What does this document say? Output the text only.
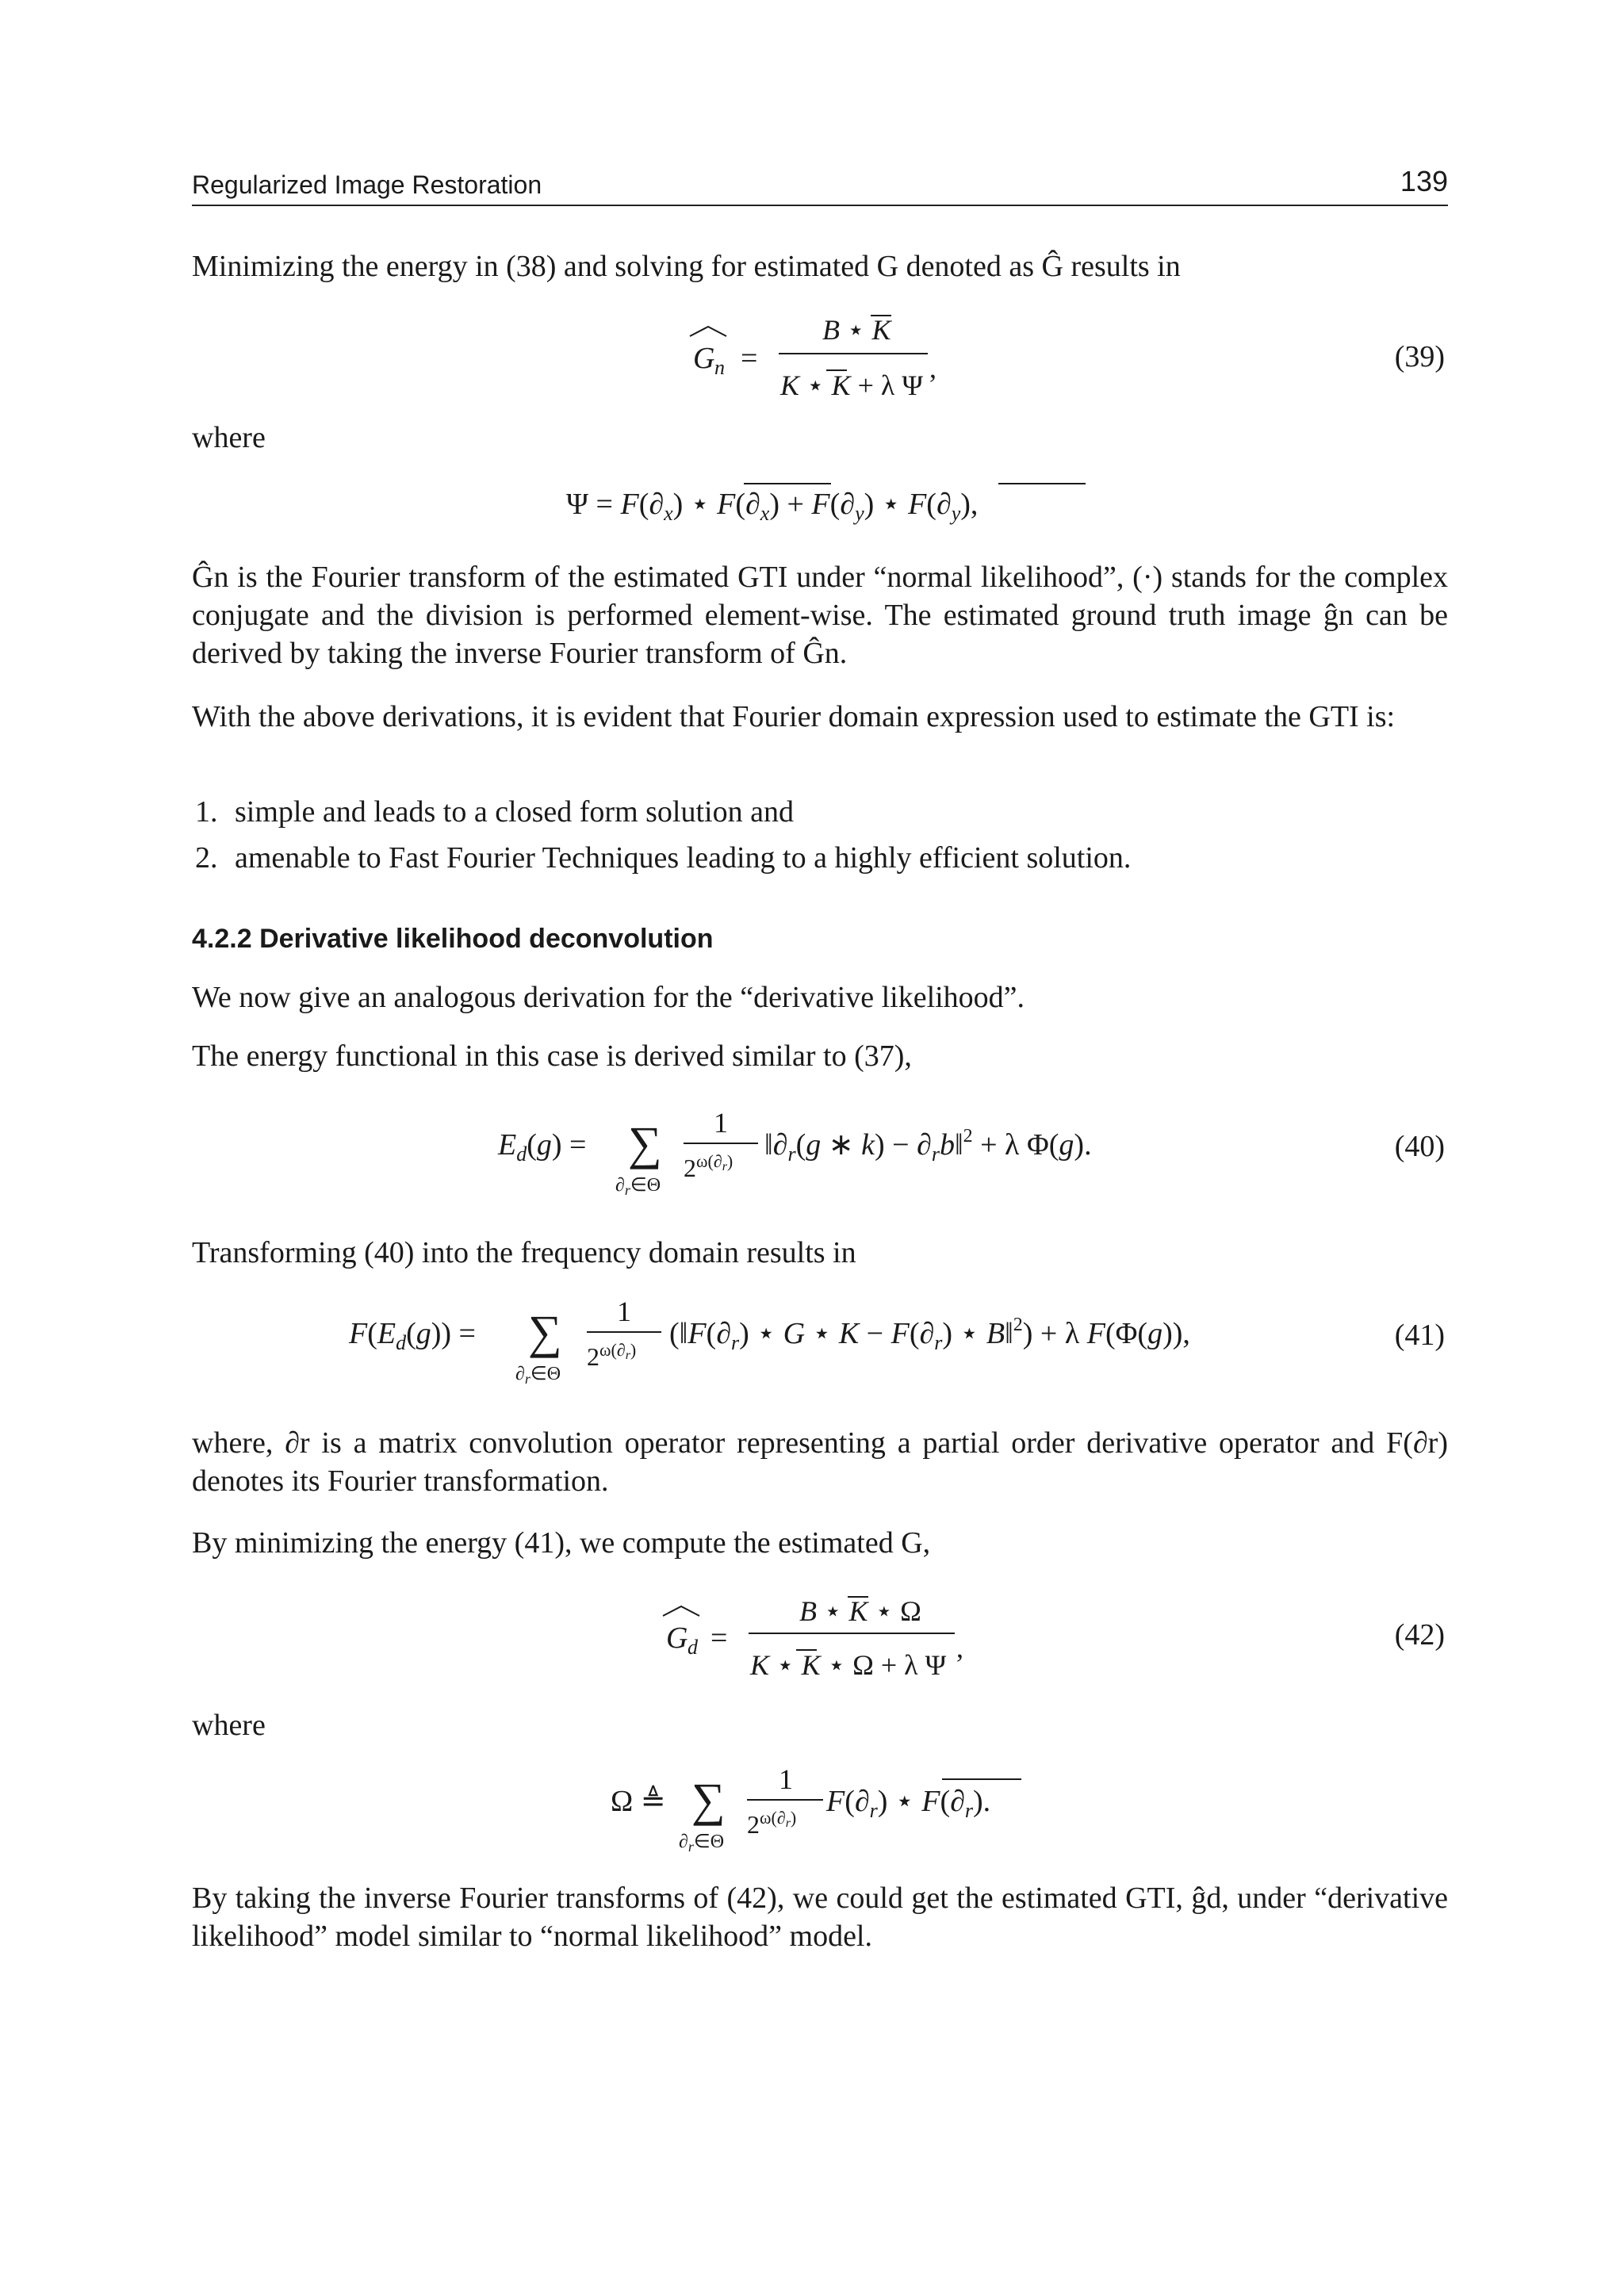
Regularized Image Restoration	139

Minimizing the energy in (38) and solving for estimated G denoted as Ĝ results in

G n =
B ⋆ K
K ⋆ K + λ Ψ
,	(39)

where

$\Psi = F(\partial_x)$ ⋆ $F(\partial_x) + F(\partial_y)$ ⋆ $F(\partial_y)$,

Ĝn is the Fourier transform of the estimated GTI under “normal likelihood”, (·) stands for the complex conjugate and the division is performed element-wise. The estimated ground truth image ĝn can be derived by taking the inverse Fourier transform of Ĝn.

With the above derivations, it is evident that Fourier domain expression used to estimate the GTI is:

1. simple and leads to a closed form solution and

2. amenable to Fast Fourier Techniques leading to a highly efficient solution.

4.2.2 Derivative likelihood deconvolution

We now give an analogous derivation for the “derivative likelihood”.

The energy functional in this case is derived similar to (37),

$E_d(g)$ = ∑
$\partial_r\in\Theta$
1
$2^{\omega(\partial}r$) $‖\partial_r(g$ ∗ $k) - \partial_rb‖^2 + \lambda$ Φ(g).	(40)

Transforming (40) into the frequency domain results in

$F(E_d(g))$ = ∑
$\partial_r\in\Theta$
1
$2^{\omega(\partial}r$) ($‖F(\partial_r)$ ⋆ G ⋆ $K - F(\partial_r)$ ⋆ B‖$^2$) + λ F(Φ(g)),	(41)

where, ∂r is a matrix convolution operator representing a partial order derivative operator and F(∂r) denotes its Fourier transformation.

By minimizing the energy (41), we compute the estimated G,

G d =
B ⋆ K ⋆ Ω
K ⋆ K ⋆ Ω + λ Ψ
,	(42)

where

Ω ≜ ∑
$\partial_r\in\Theta$
1
$2^{\omega(\partial}r$) $F(\partial_r)$ ⋆ $F(\partial_r)$.

By taking the inverse Fourier transforms of (42), we could get the estimated GTI, ĝd, under “derivative likelihood” model similar to “normal likelihood” model.
